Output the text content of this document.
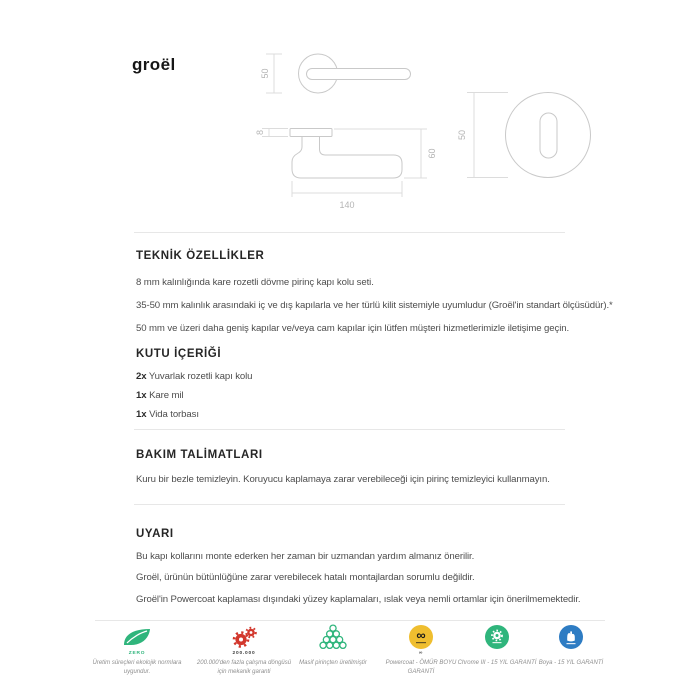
groël	50
8
60
140
50
TEKNİK ÖZELLİKLER
8 mm kalınlığında kare rozetli dövme pirinç kapı kolu seti.
35-50 mm kalınlık arasındaki iç ve dış kapılarla ve her türlü kilit sistemiyle uyumludur (Groël'in standart ölçüsüdür).*
50 mm ve üzeri daha geniş kapılar ve/veya cam kapılar için lütfen müşteri hizmetlerimizle iletişime geçin.
KUTU İÇERİĞİ
2x Yuvarlak rozetli kapı kolu
1x Kare mil
1x Vida torbası
BAKIM TALİMATLARI
Kuru bir bezle temizleyin. Koruyucu kaplamaya zarar verebileceği için pirinç temizleyici kullanmayın.
UYARI
Bu kapı kollarını monte ederken her zaman bir uzmandan yardım almanız önerilir.
Groël, ürünün bütünlüğüne zarar verebilecek hatalı montajlardan sorumlu değildir.
Groël'in Powercoat kaplaması dışındaki yüzey kaplamaları, ıslak veya nemli ortamlar için önerilmemektedir.
ZERO
Üretim süreçleri ekolojik normlara uygundur.
200.000
200.000'den fazla çalışma döngüsü için mekanik garanti
Masif pirinçten üretilmiştir
∞
∞
Powercoat - ÖMÜR BOYU GARANTİ
Chrome III - 15 YIL GARANTİ Boya - 15 YIL GARANTİ
